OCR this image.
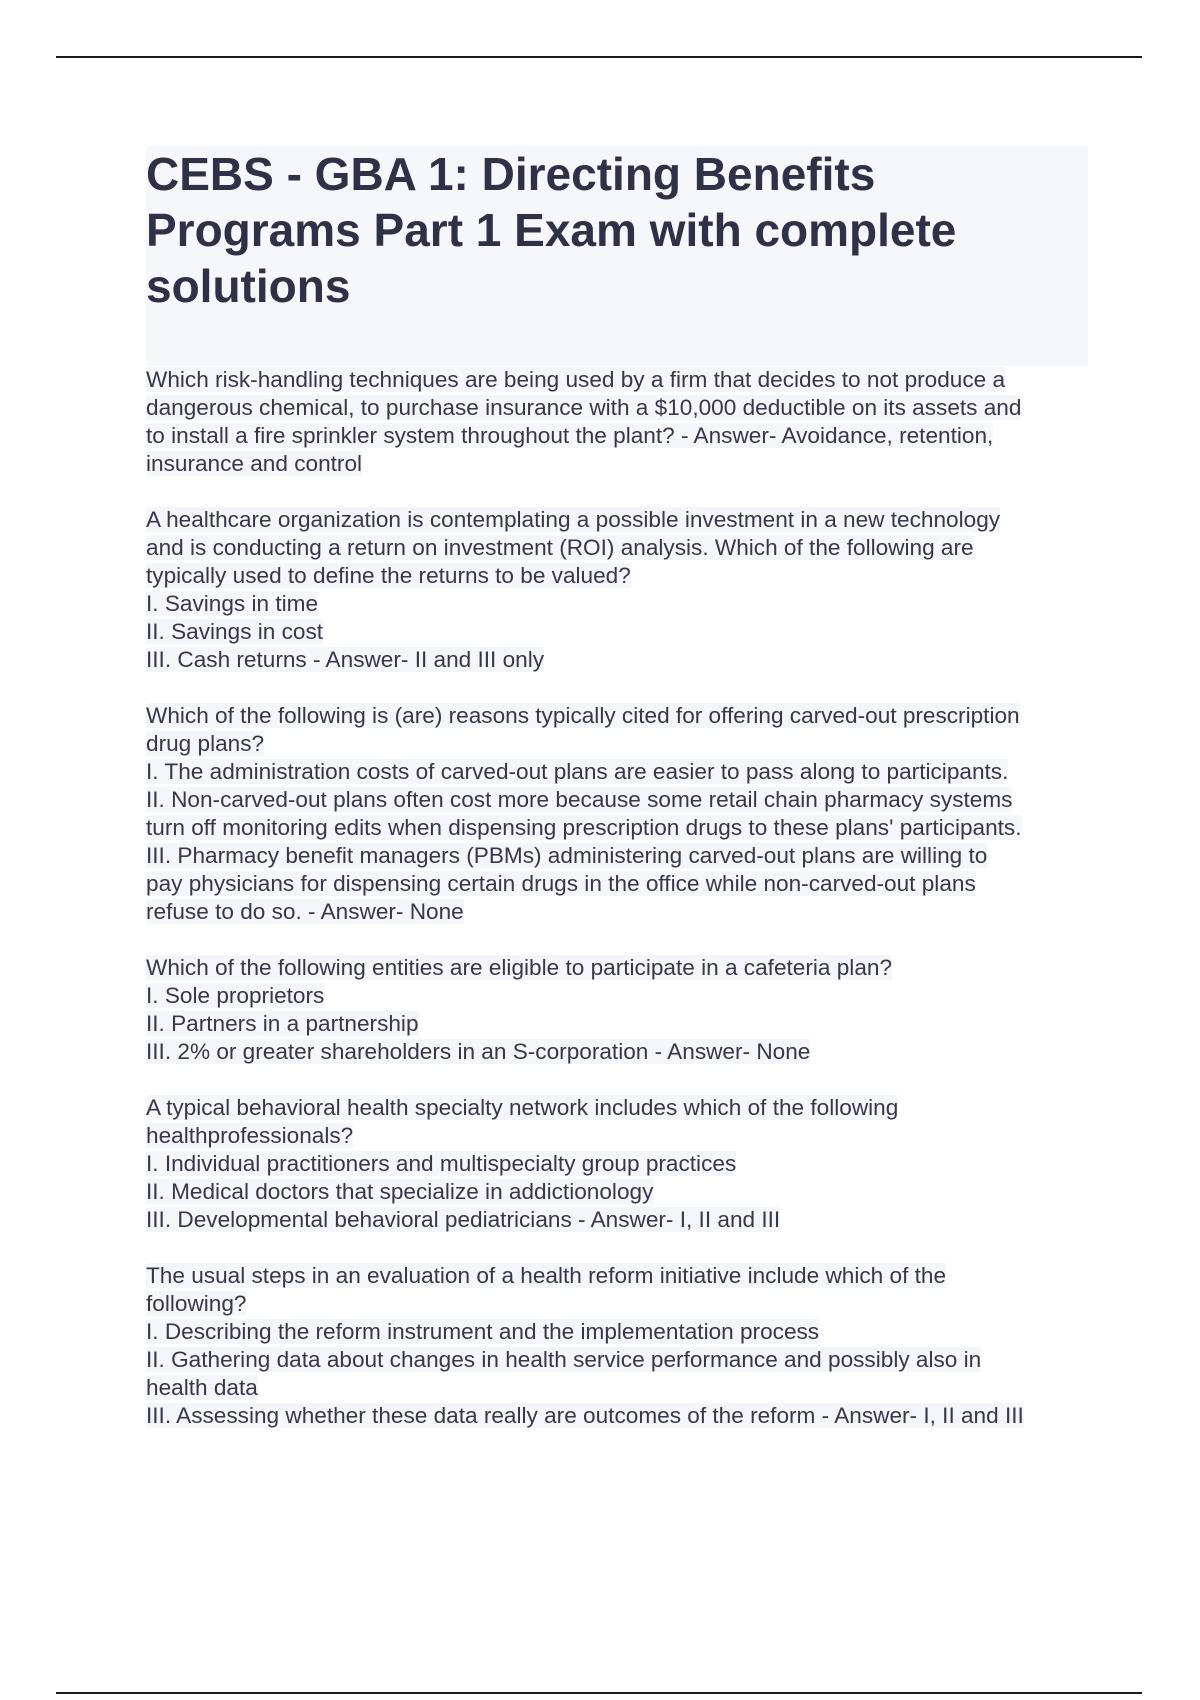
CEBS - GBA 1: Directing Benefits
Programs Part 1 Exam with complete
solutions
Which risk-handling techniques are being used by a firm that decides to not produce a
dangerous chemical, to purchase insurance with a $10,000 deductible on its assets and
to install a fire sprinkler system throughout the plant? - Answer- Avoidance, retention,
insurance and control
A healthcare organization is contemplating a possible investment in a new technology
and is conducting a return on investment (ROI) analysis. Which of the following are
typically used to define the returns to be valued?
I. Savings in time
II. Savings in cost
III. Cash returns - Answer- II and III only
Which of the following is (are) reasons typically cited for offering carved-out prescription
drug plans?
I. The administration costs of carved-out plans are easier to pass along to participants.
II. Non-carved-out plans often cost more because some retail chain pharmacy systems
turn off monitoring edits when dispensing prescription drugs to these plans' participants.
III. Pharmacy benefit managers (PBMs) administering carved-out plans are willing to
pay physicians for dispensing certain drugs in the office while non-carved-out plans
refuse to do so. - Answer- None
Which of the following entities are eligible to participate in a cafeteria plan?
I. Sole proprietors
II. Partners in a partnership
III. 2% or greater shareholders in an S-corporation - Answer- None
A typical behavioral health specialty network includes which of the following
healthprofessionals?
I. Individual practitioners and multispecialty group practices
II. Medical doctors that specialize in addictionology
III. Developmental behavioral pediatricians - Answer- I, II and III
The usual steps in an evaluation of a health reform initiative include which of the
following?
I. Describing the reform instrument and the implementation process
II. Gathering data about changes in health service performance and possibly also in
health data
III. Assessing whether these data really are outcomes of the reform - Answer- I, II and III
